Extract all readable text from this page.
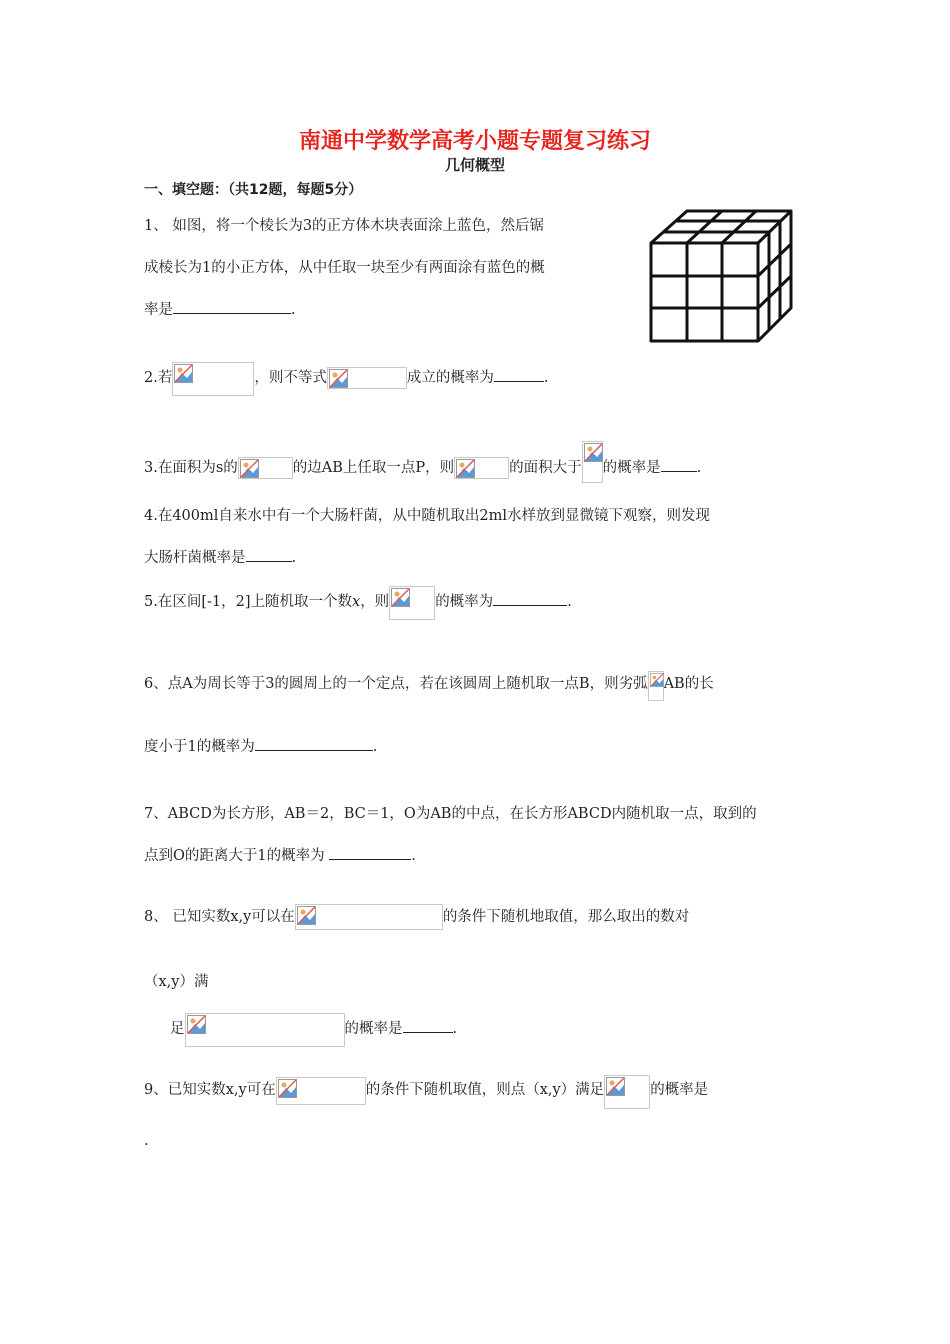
南通中学数学高考小题专题复习练习
几何概型
一、填空题：（共12题，每题5分）
1、 如图，将一个棱长为3的正方体木块表面涂上蓝色，然后锯
成棱长为1的小正方体，从中任取一块至少有两面涂有蓝色的概
率是	.
2.若	，则不等式	成立的概率为	.
3.在面积为s的	的边AB上任取一点P，则	的面积大于 的概率是 .
4.在400ml自来水中有一个大肠杆菌，从中随机取出2ml水样放到显微镜下观察，则发现
大肠杆菌概率是	.
5.在区间[-1，2]上随机取一个数x，则	的概率为	.
6、点A为周长等于3的圆周上的一个定点，若在该圆周上随机取一点B，则劣弧 AB的长
度小于1的概率为	.
7、ABCD为长方形，AB＝2，BC＝1，O为AB的中点，在长方形ABCD内随机取一点，取到的
点到O的距离大于1的概率为	.
8、 已知实数x,y可以在	的条件下随机地取值，那么取出的数对
（x,y）满
足	的概率是	.
9、已知实数x,y可在	的条件下随机取值，则点（x,y）满足	的概率是
.
